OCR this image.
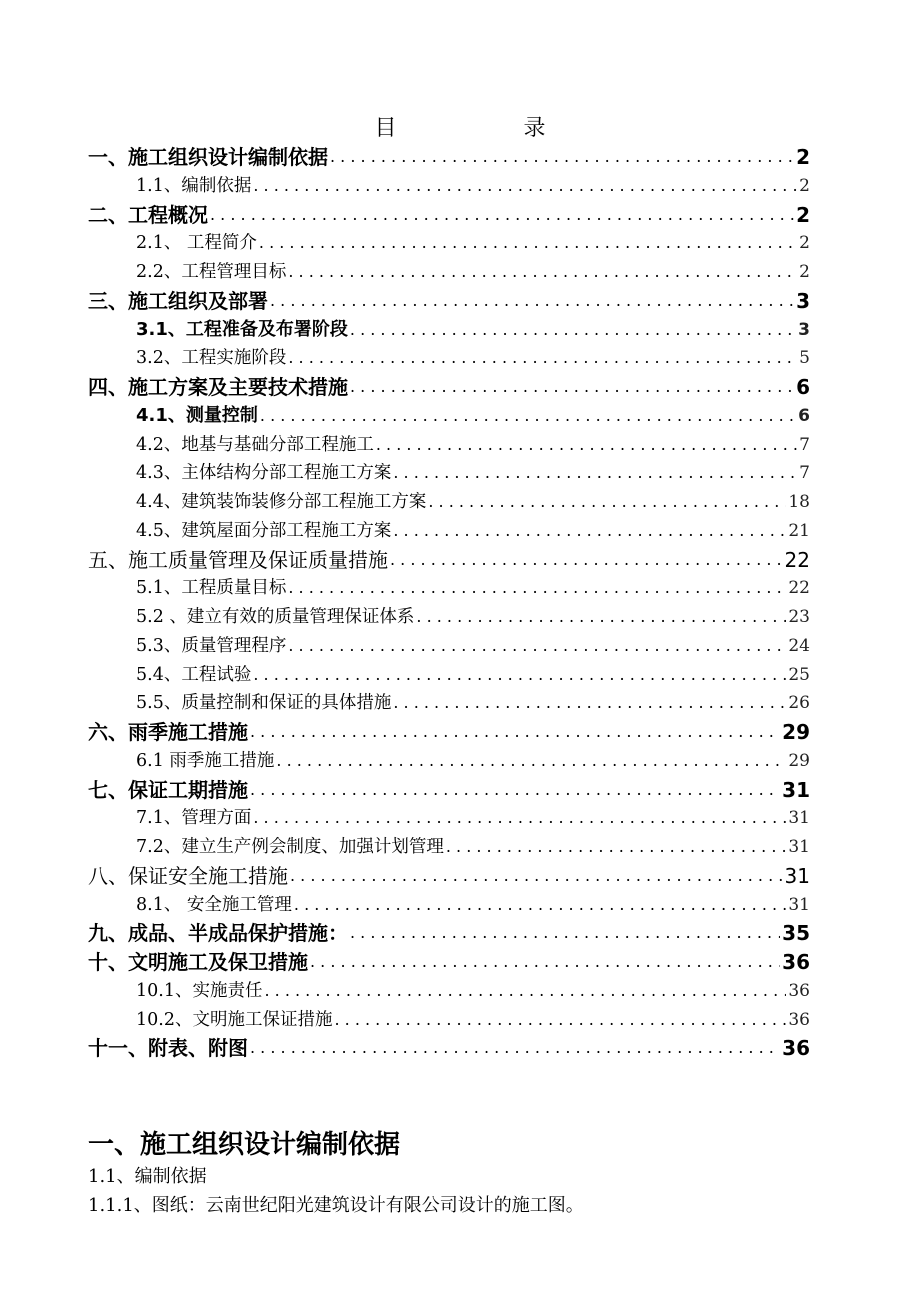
目 录
一、施工组织设计编制依据 . . .	2
1.1、编制依据 . . .	2
二、工程概况 . . .	2
2.1、 工程简介 . . .	2
2.2、工程管理目标 . . .	2
三、施工组织及部署 . . .	3
3.1、工程准备及布署阶段 . . .	3
3.2、工程实施阶段 . . .	5
四、施工方案及主要技术措施 . . .	6
4.1、测量控制 . . .	6
4.2、地基与基础分部工程施工 . . .	7
4.3、主体结构分部工程施工方案 . . .	7
4.4、建筑装饰装修分部工程施工方案 . . .	18
4.5、建筑屋面分部工程施工方案 . . .	21
五、施工质量管理及保证质量措施 . . .	22
5.1、工程质量目标 . . .	22
5.2 、建立有效的质量管理保证体系 . . .	23
5.3、质量管理程序 . . .	24
5.4、工程试验 . . .	25
5.5、质量控制和保证的具体措施 . . .	26
六、雨季施工措施 . . .	29
6.1 雨季施工措施 . . .	29
七、保证工期措施 . . .	31
7.1、管理方面 . . .	31
7.2、建立生产例会制度、加强计划管理 . . .	31
八、保证安全施工措施 . . .	31
8.1、 安全施工管理 . . .	31
九、成品、半成品保护措施： . . .	35
十、文明施工及保卫措施 . . .	36
10.1、实施责任 . . .	36
10.2、文明施工保证措施 . . .	36
十一、附表、附图 . . .	36
一、施工组织设计编制依据
1.1、编制依据
1.1.1、图纸：云南世纪阳光建筑设计有限公司设计的施工图。
